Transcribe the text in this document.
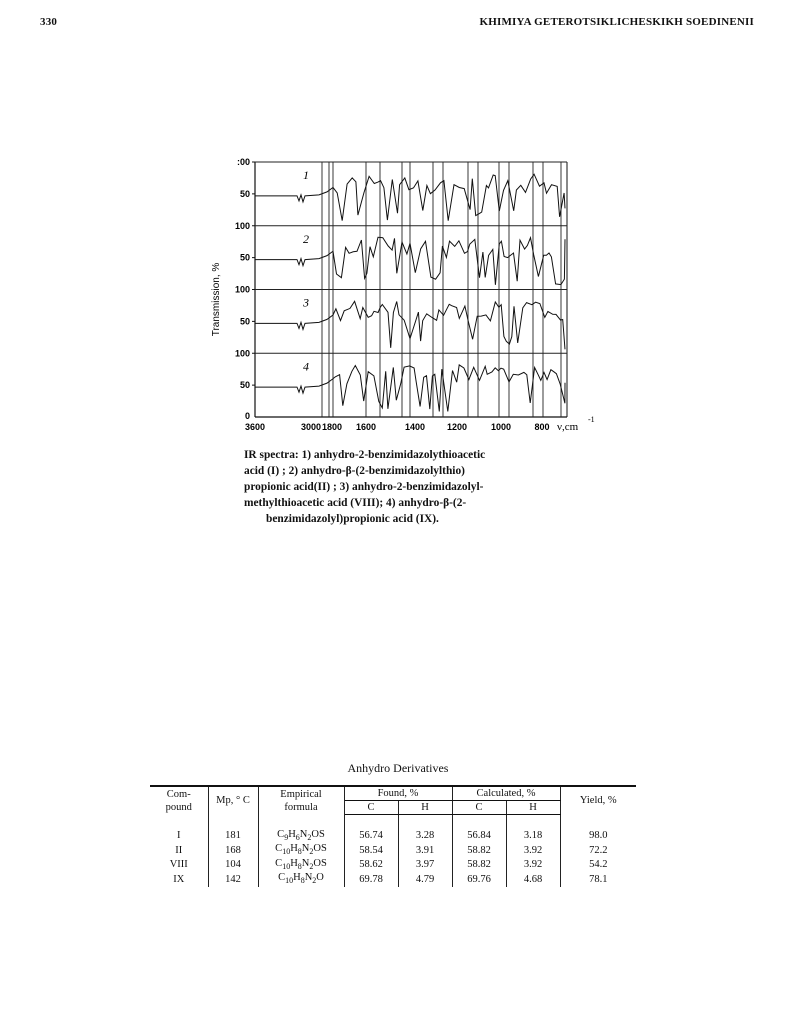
330	KHIMIYA GETEROTSIKLICHESKIKH SOEDINENII
:00
50
1
100
50
2
100
50
3
100
50
4
0
3600	3000 1800 1600	1400 1200	1000	800 ν,cm
-1
Transmission, %
IR spectra: 1) anhydro-2-benzimidazolythioacetic
acid (I) ; 2) anhydro-β-(2-benzimidazolylthio)
propionic acid(II) ; 3) anhydro-2-benzimidazolyl-
methylthioacetic acid (VIII); 4) anhydro-β-(2-
benzimidazolyl)propionic acid (IX).
Anhydro Derivatives
Com-
pound	Mp, ° C	Empirical
formula	Found, %		Calculated, %		Yield, %
			C	H	C	H	
I	181	$C_9H_6N_2OS$	56.74	3.28	56.84	3.18	98.0
II	168	$C_{10}H_8N_2OS$	58.54	3.91	58.82	3.92	72.2
VIII	104	$C_{10}H_8N_2OS$	58.62	3.97	58.82	3.92	54.2
IX	142	$C_{10}H_8N_2O$	69.78	4.79	69.76	4.68	78.1
